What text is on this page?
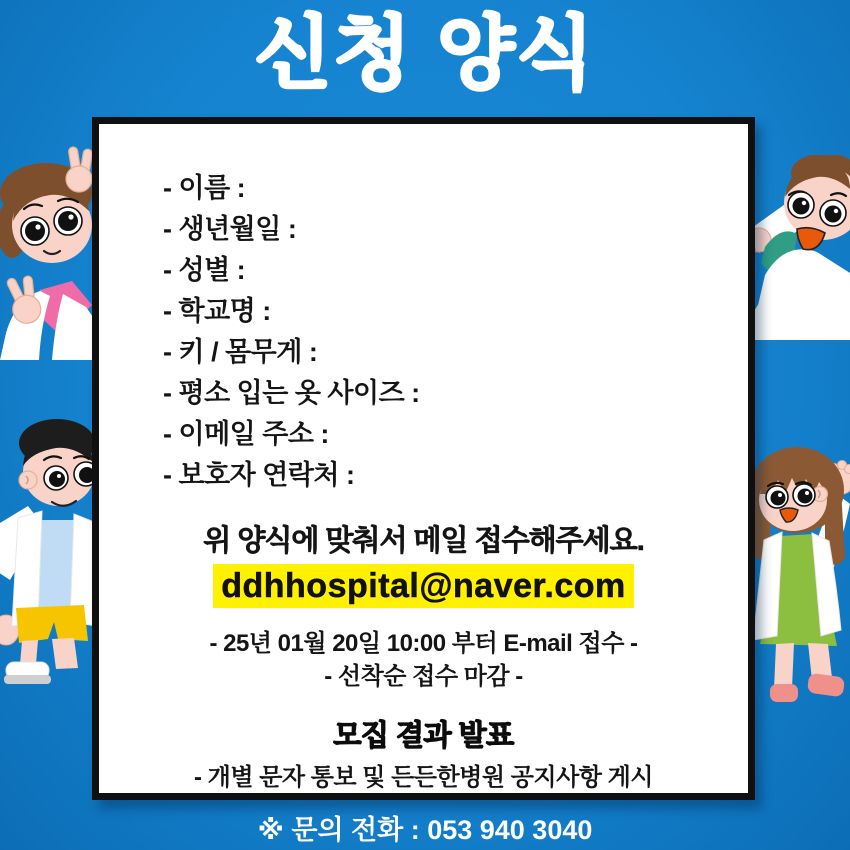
신청 양식
- 이름 :
- 생년월일 :
- 성별 :
- 학교명 :
- 키 / 몸무게 :
- 평소 입는 옷 사이즈 :
- 이메일 주소 :
- 보호자 연락처 :
위 양식에 맞춰서 메일 접수해주세요.
ddhhospital@naver.com
- 25년 01월 20일 10:00 부터 E-mail 접수 -
- 선착순 접수 마감 -
모집 결과 발표
- 개별 문자 통보 및 든든한병원 공지사항 게시
※ 문의 전화 : 053 940 3040
